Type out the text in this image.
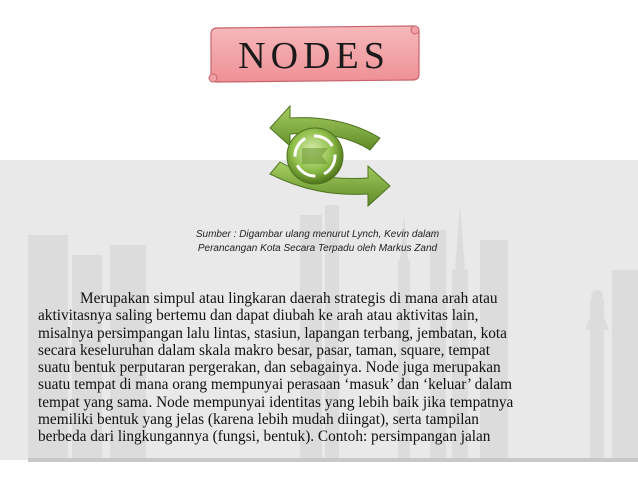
NODES
Sumber : Digambar ulang menurut Lynch, Kevin dalam
Perancangan Kota Secara Terpadu oleh Markus Zand
Merupakan simpul atau lingkaran daerah strategis di mana arah atau
aktivitasnya saling bertemu dan dapat diubah ke arah atau aktivitas lain,
misalnya persimpangan lalu lintas, stasiun, lapangan terbang, jembatan, kota
secara keseluruhan dalam skala makro besar, pasar, taman, square, tempat
suatu bentuk perputaran pergerakan, dan sebagainya. Node juga merupakan
suatu tempat di mana orang mempunyai perasaan ‘masuk’ dan ‘keluar’ dalam
tempat yang sama. Node mempunyai identitas yang lebih baik jika tempatnya
memiliki bentuk yang jelas (karena lebih mudah diingat), serta tampilan
berbeda dari lingkungannya (fungsi, bentuk). Contoh: persimpangan jalan
